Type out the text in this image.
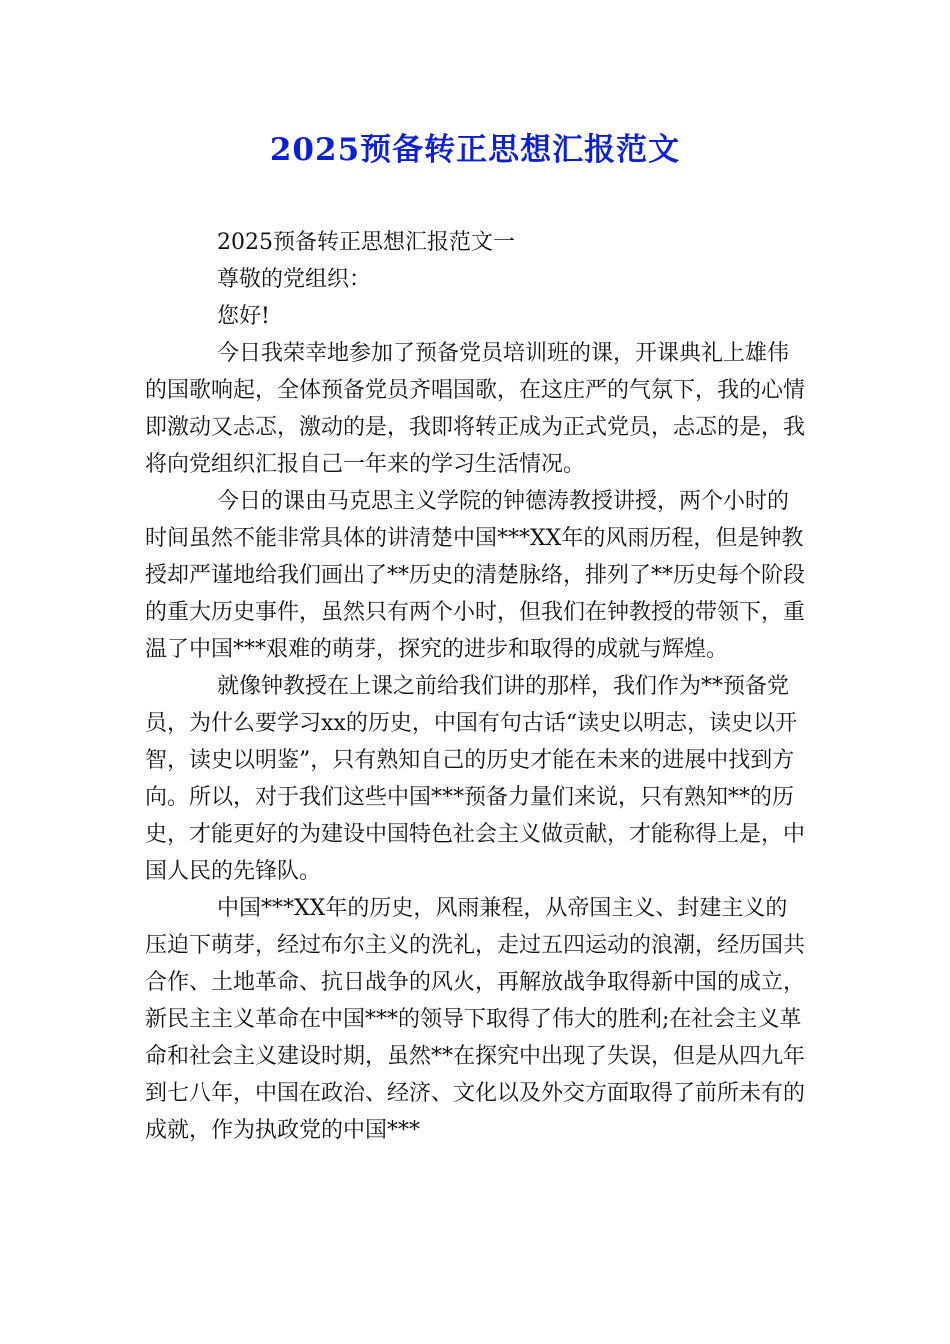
2025预备转正思想汇报范文

2025预备转正思想汇报范文一

尊敬的党组织：

您好!

今日我荣幸地参加了预备党员培训班的课，开课典礼上雄伟的国歌响起，全体预备党员齐唱国歌，在这庄严的气氛下，我的心情即激动又忐忑，激动的是，我即将转正成为正式党员，忐忑的是，我将向党组织汇报自己一年来的学习生活情况。

今日的课由马克思主义学院的钟德涛教授讲授，两个小时的时间虽然不能非常具体的讲清楚中国***XX年的风雨历程，但是钟教授却严谨地给我们画出了**历史的清楚脉络，排列了**历史每个阶段的重大历史事件，虽然只有两个小时，但我们在钟教授的带领下，重温了中国***艰难的萌芽，探究的进步和取得的成就与辉煌。

就像钟教授在上课之前给我们讲的那样，我们作为**预备党员，为什么要学习xx的历史，中国有句古话“读史以明志，读史以开智，读史以明鉴”，只有熟知自己的历史才能在未来的进展中找到方向。所以，对于我们这些中国***预备力量们来说，只有熟知**的历史，才能更好的为建设中国特色社会主义做贡献，才能称得上是，中国人民的先锋队。

中国***XX年的历史，风雨兼程，从帝国主义、封建主义的压迫下萌芽，经过布尔主义的洗礼，走过五四运动的浪潮，经历国共合作、土地革命、抗日战争的风火，再解放战争取得新中国的成立，新民主主义革命在中国***的领导下取得了伟大的胜利;在社会主义革命和社会主义建设时期，虽然**在探究中出现了失误，但是从四九年到七八年，中国在政治、经济、文化以及外交方面取得了前所未有的成就，作为执政党的中国***
